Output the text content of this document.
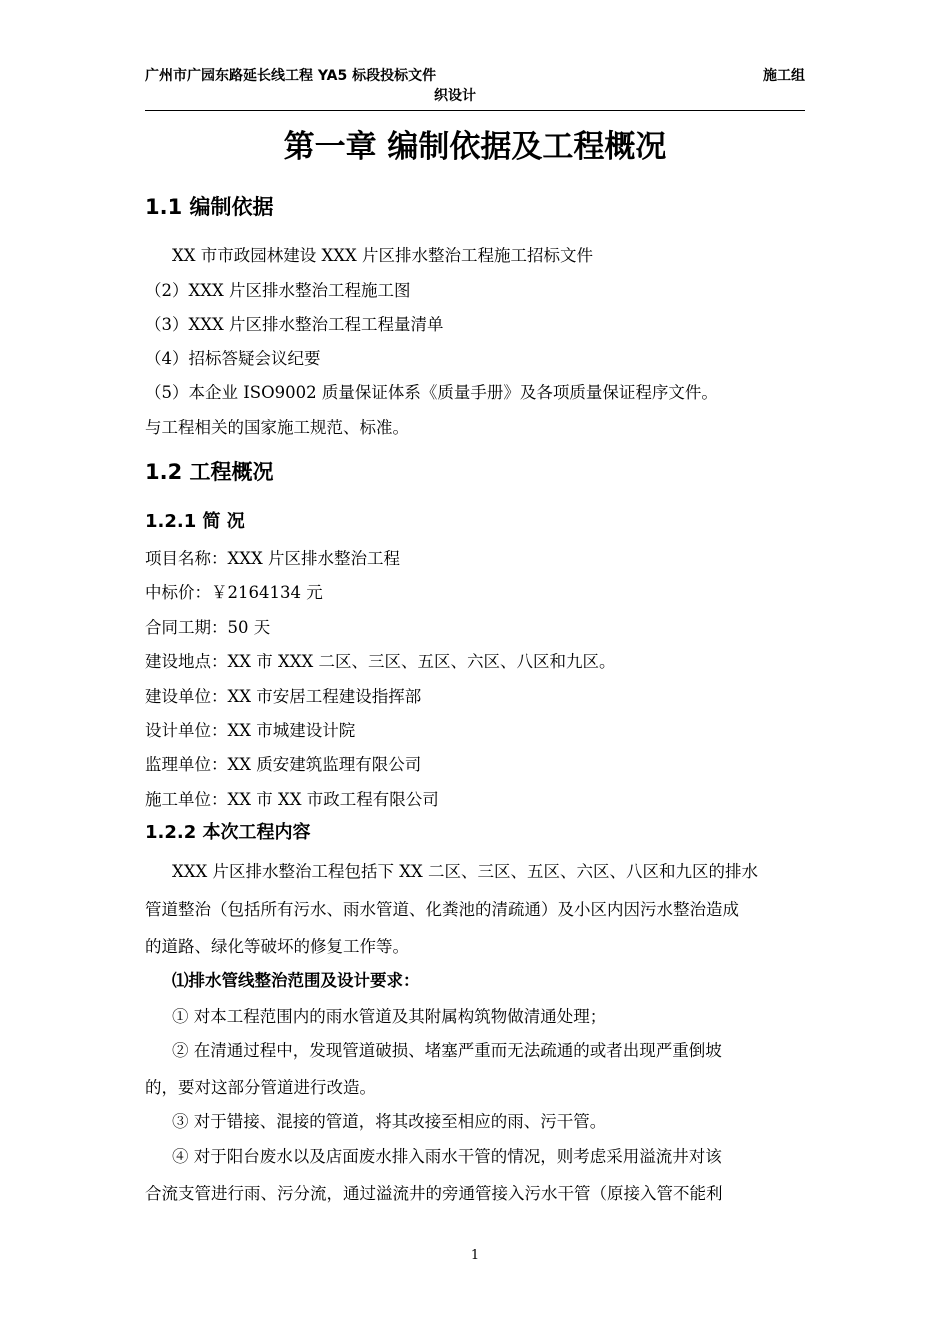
广州市广园东路延长线工程 YA5 标段投标文件
织设计
施工组
第一章 编制依据及工程概况
1.1 编制依据
XX 市市政园林建设 XXX 片区排水整治工程施工招标文件
（2）XXX 片区排水整治工程施工图
（3）XXX 片区排水整治工程工程量清单
（4）招标答疑会议纪要
（5）本企业 ISO9002 质量保证体系《质量手册》及各项质量保证程序文件。
与工程相关的国家施工规范、标准。
1.2 工程概况
1.2.1 简 况
项目名称：XXX 片区排水整治工程
中标价：￥2164134 元
合同工期：50 天
建设地点：XX 市 XXX 二区、三区、五区、六区、八区和九区。
建设单位：XX 市安居工程建设指挥部
设计单位：XX 市城建设计院
监理单位：XX 质安建筑监理有限公司
施工单位：XX 市 XX 市政工程有限公司
1.2.2 本次工程内容
XXX 片区排水整治工程包括下 XX 二区、三区、五区、六区、八区和九区的排水
管道整治（包括所有污水、雨水管道、化粪池的清疏通）及小区内因污水整治造成
的道路、绿化等破坏的修复工作等。
⑴排水管线整治范围及设计要求：
① 对本工程范围内的雨水管道及其附属构筑物做清通处理；
② 在清通过程中，发现管道破损、堵塞严重而无法疏通的或者出现严重倒坡
的，要对这部分管道进行改造。
③ 对于错接、混接的管道，将其改接至相应的雨、污干管。
④ 对于阳台废水以及店面废水排入雨水干管的情况，则考虑采用溢流井对该
合流支管进行雨、污分流，通过溢流井的旁通管接入污水干管（原接入管不能利
1
